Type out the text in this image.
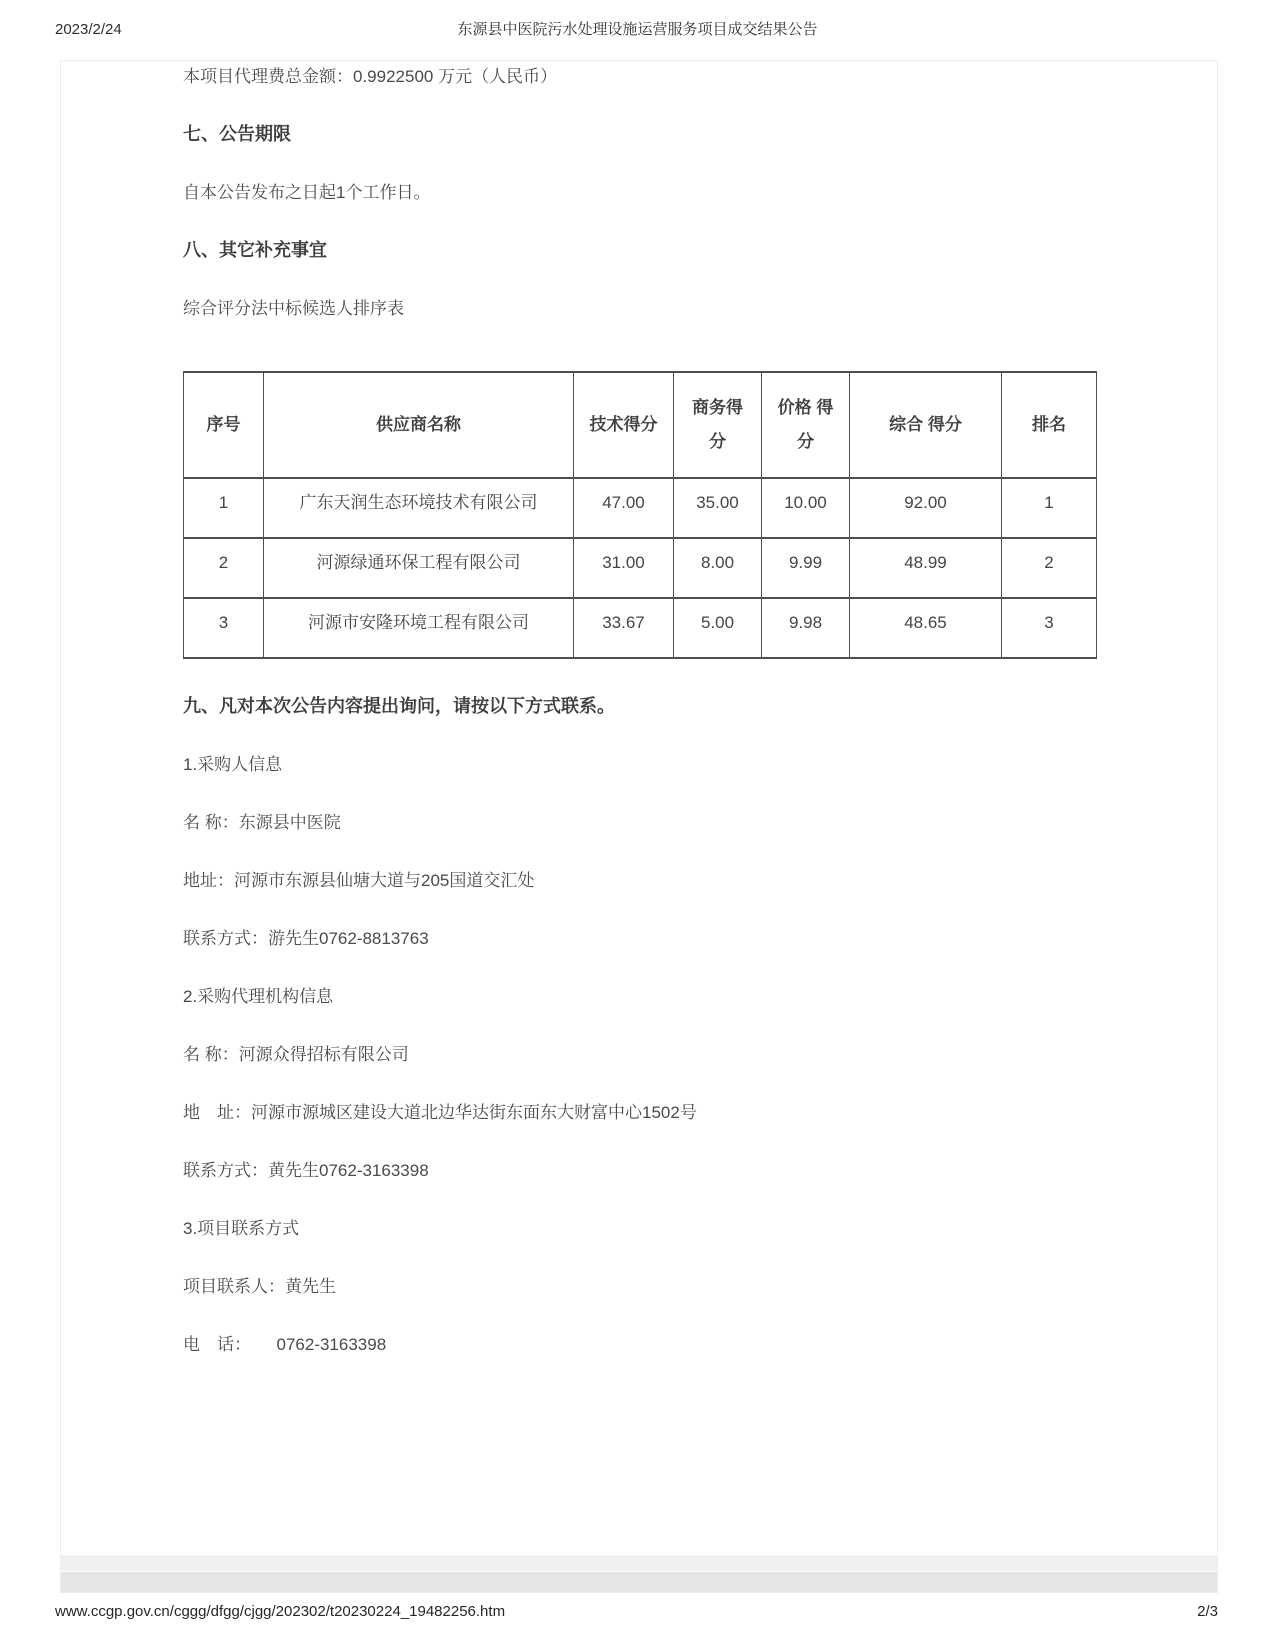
2023/2/24	东源县中医院污水处理设施运营服务项目成交结果公告

本项目代理费总金额：0.9922500 万元（人民币）

七、公告期限

自本公告发布之日起1个工作日。

八、其它补充事宜

综合评分法中标候选人排序表

序号	供应商名称	技术得分	商务得分	价格 得分	综合 得分	排名
1	广东天润生态环境技术有限公司	47.00	35.00	10.00	92.00	1
2	河源绿通环保工程有限公司	31.00	8.00	9.99	48.99	2
3	河源市安隆环境工程有限公司	33.67	5.00	9.98	48.65	3
九、凡对本次公告内容提出询问，请按以下方式联系。

1.采购人信息

名 称：东源县中医院

地址：河源市东源县仙塘大道与205国道交汇处

联系方式：游先生0762-8813763

2.采购代理机构信息

名 称：河源众得招标有限公司

地　址：河源市源城区建设大道北边华达街东面东大财富中心1502号

联系方式：黄先生0762-3163398

3.项目联系方式

项目联系人：黄先生

电　话：　　0762-3163398

www.ccgp.gov.cn/cggg/dfgg/cjgg/202302/t20230224_19482256.htm	2/3
